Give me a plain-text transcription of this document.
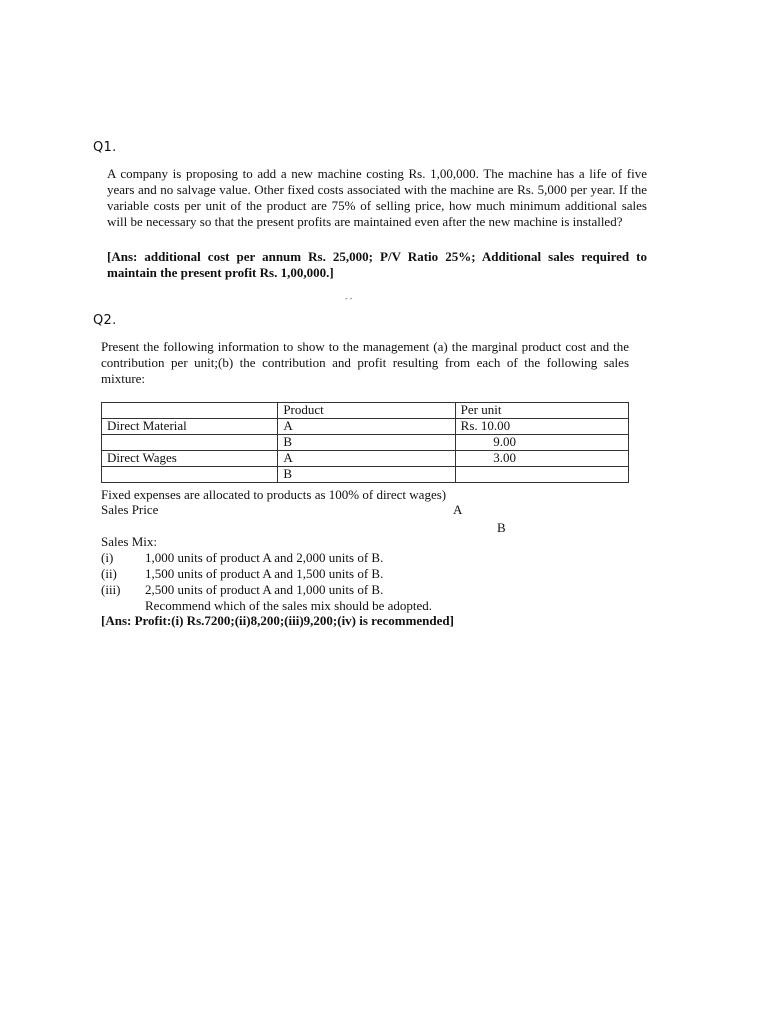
Q1.

A company is proposing to add a new machine costing Rs. 1,00,000. The machine has a life of five years and no salvage value. Other fixed costs associated with the machine are Rs. 5,000 per year. If the variable costs per unit of the product are 75% of selling price, how much minimum additional sales will be necessary so that the present profits are maintained even after the new machine is installed?

[Ans: additional cost per annum Rs. 25,000; P/V Ratio 25%; Additional sales required to maintain the present profit Rs. 1,00,000.]

- -
Q2.

Present the following information to show to the management (a) the marginal product cost and the contribution per unit;(b) the contribution and profit resulting from each of the following sales mixture:

	Product	Per unit
Direct Material	A	Rs. 10.00
	B	9.00
Direct Wages	A	3.00
	B	
Fixed expenses are allocated to products as 100% of direct wages)
Sales Price	A
B
Sales Mix:
(i) 1,000 units of product A and 2,000 units of B.
(ii) 1,500 units of product A and 1,500 units of B.
(iii) 2,500 units of product A and 1,000 units of B.
Recommend which of the sales mix should be adopted.
[Ans: Profit:(i) Rs.7200;(ii)8,200;(iii)9,200;(iv) is recommended]
